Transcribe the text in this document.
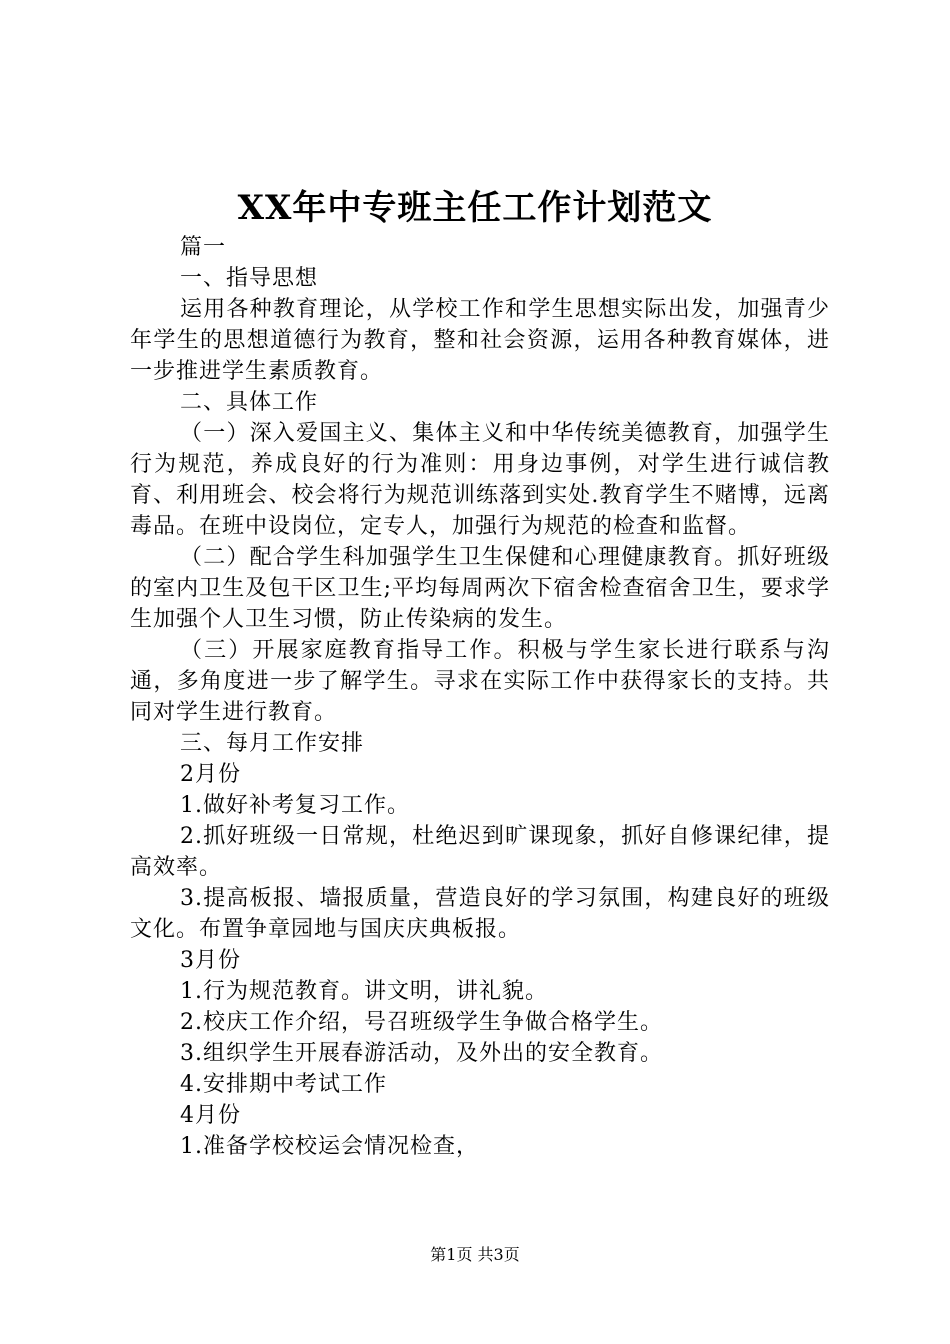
XX年中专班主任工作计划范文

篇一

一、指导思想

运用各种教育理论，从学校工作和学生思想实际出发，加强青少年学生的思想道德行为教育，整和社会资源，运用各种教育媒体，进一步推进学生素质教育。

二、具体工作

（一）深入爱国主义、集体主义和中华传统美德教育，加强学生行为规范，养成良好的行为准则：用身边事例，对学生进行诚信教育、利用班会、校会将行为规范训练落到实处.教育学生不赌博，远离毒品。在班中设岗位，定专人，加强行为规范的检查和监督。

（二）配合学生科加强学生卫生保健和心理健康教育。抓好班级的室内卫生及包干区卫生;平均每周两次下宿舍检查宿舍卫生，要求学生加强个人卫生习惯，防止传染病的发生。

（三）开展家庭教育指导工作。积极与学生家长进行联系与沟通，多角度进一步了解学生。寻求在实际工作中获得家长的支持。共同对学生进行教育。

三、每月工作安排

2月份

1.做好补考复习工作。

2.抓好班级一日常规，杜绝迟到旷课现象，抓好自修课纪律，提高效率。

3.提高板报、墙报质量，营造良好的学习氛围，构建良好的班级文化。布置争章园地与国庆庆典板报。

3月份

1.行为规范教育。讲文明，讲礼貌。

2.校庆工作介绍，号召班级学生争做合格学生。

3.组织学生开展春游活动，及外出的安全教育。

4.安排期中考试工作

4月份

1.准备学校校运会情况检查，

第1页 共3页
